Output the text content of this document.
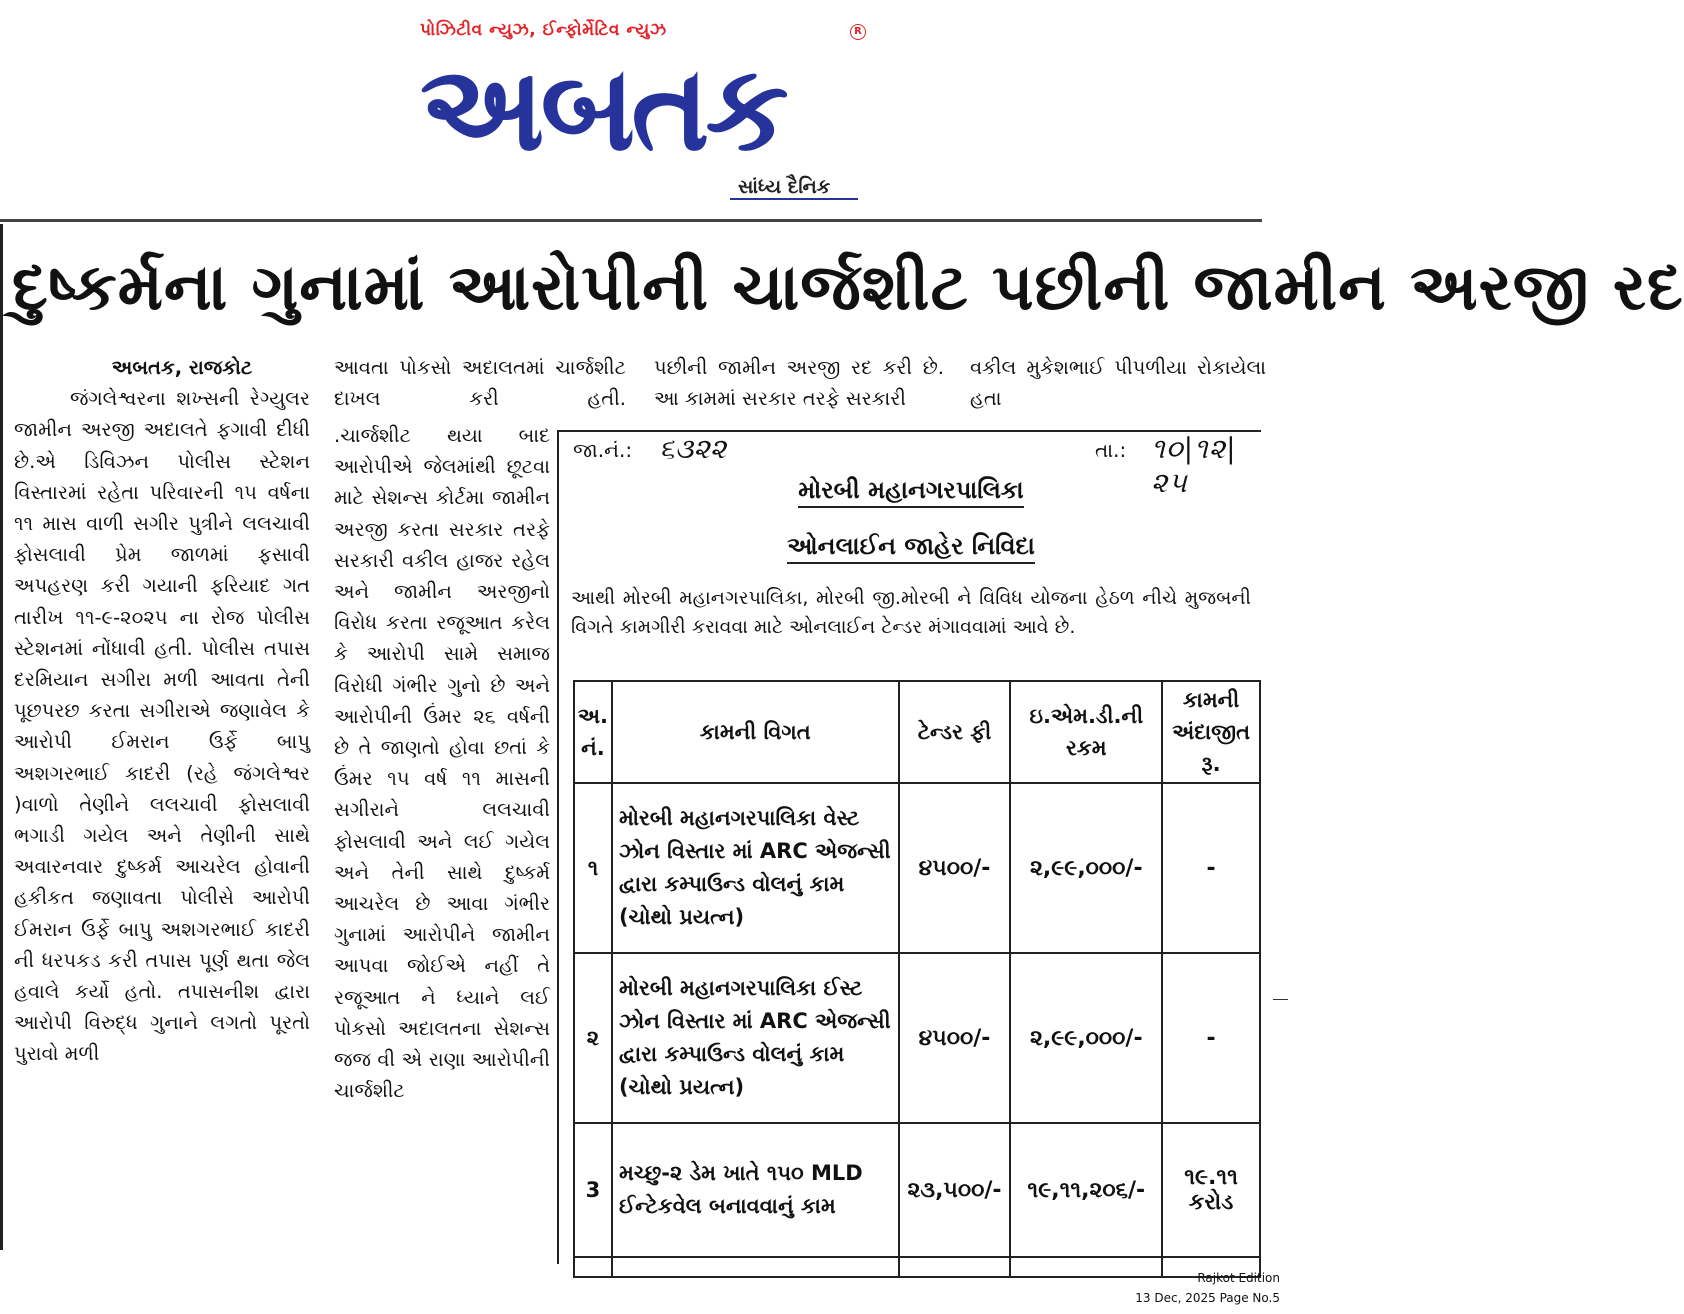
પોઝિટીવ ન્યુઝ, ઈન્ફોર્મેટિવ ન્યુઝ	R
અબતક
સાંધ્ય દૈનિક
દુષ્કર્મના ગુનામાં આરોપીની ચાર્જશીટ પછીની જામીન અરજી રદ

અબતક, રાજકોટ

જંગલેશ્વરના શખ્સની રેગ્યુલર જામીન અરજી અદાલતે ફગાવી દીધી છે.એ ડિવિઝન પોલીસ સ્ટેશન વિસ્તારમાં રહેતા પરિવારની ૧૫ વર્ષના ૧૧ માસ વાળી સગીર પુત્રીને લલચાવી ફોસલાવી પ્રેમ જાળમાં ફસાવી અપહરણ કરી ગયાની ફરિયાદ ગત તારીખ ૧૧-૯-૨૦૨૫ ના રોજ પોલીસ સ્ટેશનમાં નોંધાવી હતી. પોલીસ તપાસ દરમિયાન સગીરા મળી આવતા તેની પૂછપરછ કરતા સગીરાએ જણાવેલ કે આરોપી ઈમરાન ઉર્ફે બાપુ અશગરભાઈ કાદરી (રહે જંગલેશ્વર )વાળો તેણીને લલચાવી ફોસલાવી ભગાડી ગયેલ અને તેણીની સાથે અવારનવાર દુષ્કર્મ આચરેલ હોવાની હકીકત જણાવતા પોલીસે આરોપી ઈમરાન ઉર્ફે બાપુ અશગરભાઈ કાદરી ની ધરપકડ કરી તપાસ પૂર્ણ થતા જેલ હવાલે કર્યો હતો. તપાસનીશ દ્વારા આરોપી વિરુદ્ધ ગુનાને લગતો પૂરતો પુરાવો મળી

આવતા પોકસો અદાલતમાં ચાર્જશીટ દાખલ કરી હતી.

.ચાર્જશીટ થયા બાદ આરોપીએ જેલમાંથી છૂટવા માટે સેશન્સ કોર્ટમા જામીન અરજી કરતા સરકાર તરફે સરકારી વકીલ હાજર રહેલ અને જામીન અરજીનો વિરોધ કરતા રજૂઆત કરેલ કે આરોપી સામે સમાજ વિરોધી ગંભીર ગુનો છે અને આરોપીની ઉંમર ૨૬ વર્ષની છે તે જાણતો હોવા છતાં કે ઉંમર ૧૫ વર્ષ ૧૧ માસની સગીરાને લલચાવી ફોસલાવી અને લઈ ગયેલ અને તેની સાથે દુષ્કર્મ આચરેલ છે આવા ગંભીર ગુનામાં આરોપીને જામીન આપવા જોઈએ નહીં તે રજૂઆત ને ધ્યાને લઈ પોકસો અદાલતના સેશન્સ જજ વી એ રાણા આરોપીની ચાર્જશીટ

પછીની જામીન અરજી રદ કરી છે. આ કામમાં સરકાર તરફે સરકારી

વકીલ મુકેશભાઈ પીપળીયા રોકાયેલા હતા

જા.નં.: ૬૩૨૨	તા.: ૧૦|૧૨|૨૫
મોરબી મહાનગરપાલિકા
ઓનલાઈન જાહેર નિવિદા

આથી મોરબી મહાનગરપાલિકા, મોરબી જી.મોરબી ને વિવિધ યોજના હેઠળ નીચે મુજબની વિગતે કામગીરી કરાવવા માટે ઓનલાઈન ટેન્ડર મંગાવવામાં આવે છે.

અ. નં.	કામની વિગત	ટેન્ડર ફી	ઇ.એમ.ડી.ની રકમ	કામની અંદાજીત રૂ.
૧	મોરબી મહાનગરપાલિકા વેસ્ટ ઝોન વિસ્તાર માં ARC એજન્સી દ્વારા કમ્પાઉન્ડ વોલનું કામ (ચોથો પ્રયત્ન)	૪૫૦૦/-	૨,૯૯,૦૦૦/-	-
૨	મોરબી મહાનગરપાલિકા ઈસ્ટ ઝોન વિસ્તાર માં ARC એજન્સી દ્વારા કમ્પાઉન્ડ વોલનું કામ (ચોથો પ્રયત્ન)	૪૫૦૦/-	૨,૯૯,૦૦૦/-	-
3	મચ્છુ-૨ ડેમ ખાતે ૧૫૦ MLD ઈન્ટેકવેલ બનાવવાનું કામ	૨૩,૫૦૦/-	૧૯,૧૧,૨૦૬/-	૧૯.૧૧ કરોડ

Rajkot Edition
13 Dec, 2025 Page No.5
